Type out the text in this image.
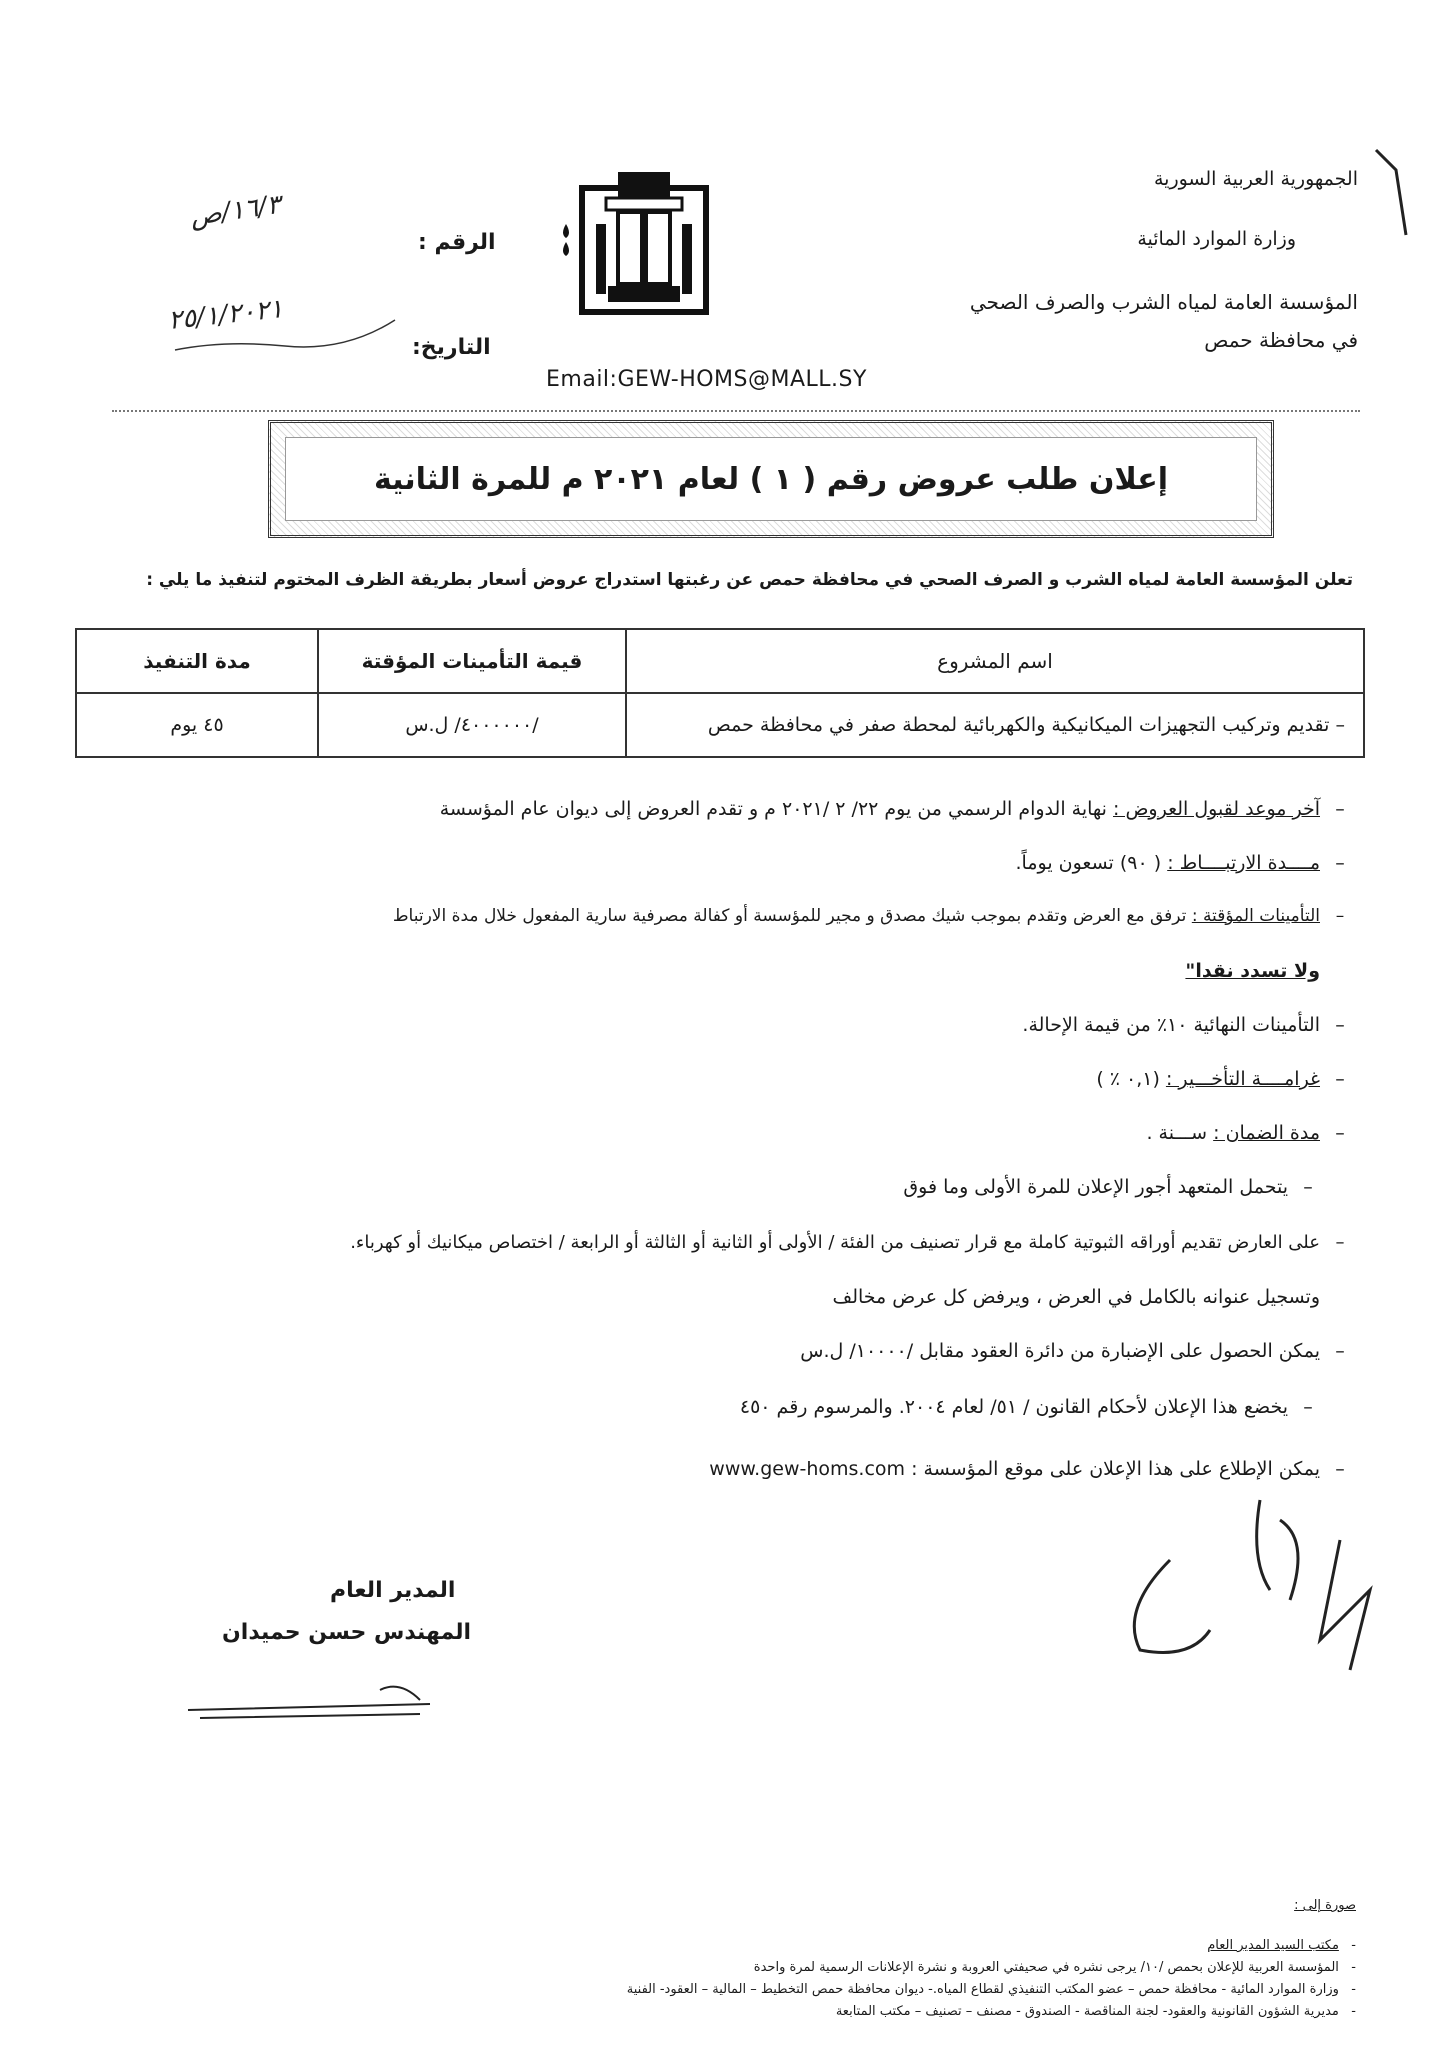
الجمهورية العربية السورية
وزارة الموارد المائية
المؤسسة العامة لمياه الشرب والصرف الصحي
في محافظة حمص
الرقم :
١٦/٣/ص
التاريخ:
٢٥/١/٢٠٢١
Email:GEW-HOMS@MALL.SY
إعلان طلب عروض رقم ( ١ ) لعام ٢٠٢١ م للمرة الثانية
تعلن المؤسسة العامة لمياه الشرب و الصرف الصحي في محافظة حمص عن رغبتها استدراج عروض أسعار بطريقة الظرف المختوم لتنفيذ ما يلي :
اسم المشروع	قيمة التأمينات المؤقتة	مدة التنفيذ
– تقديم وتركيب التجهيزات الميكانيكية والكهربائية لمحطة صفر في محافظة حمص	/٤٠٠٠٠٠٠/ ل.س	٤٥ يوم
–آخر موعد لقبول العروض : نهاية الدوام الرسمي من يوم ٢٢/ ٢ /٢٠٢١ م و تقدم العروض إلى ديوان عام المؤسسة
–مــــدة الارتبــــاط : ( ٩٠) تسعون يوماً.
–التأمينات المؤقتة : ترفق مع العرض وتقدم بموجب شيك مصدق و مجير للمؤسسة أو كفالة مصرفية سارية المفعول خلال مدة الارتباط
ولا تسدد نقدا"
–التأمينات النهائية ١٠٪ من قيمة الإحالة.
–غرامــــة التأخـــير : (٠,١ ٪ )
–مدة الضمان : ســـنة .
–يتحمل المتعهد أجور الإعلان للمرة الأولى وما فوق
–على العارض تقديم أوراقه الثبوتية كاملة مع قرار تصنيف من الفئة / الأولى أو الثانية أو الثالثة أو الرابعة / اختصاص ميكانيك أو كهرباء.
وتسجيل عنوانه بالكامل في العرض ، ويرفض كل عرض مخالف
–يمكن الحصول على الإضبارة من دائرة العقود مقابل /١٠٠٠٠/ ل.س
–يخضع هذا الإعلان لأحكام القانون / ٥١/ لعام ٢٠٠٤. والمرسوم رقم ٤٥٠
–يمكن الإطلاع على هذا الإعلان على موقع المؤسسة : www.gew-homs.com
المدير العام
المهندس حسن حميدان
صورة إلى :
-   مكتب السيد المدير العام
-   المؤسسة العربية للإعلان بحمص /١٠/ يرجى نشره في صحيفتي العروبة و نشرة الإعلانات الرسمية لمرة واحدة
-   وزارة الموارد المائية - محافظة حمص – عضو المكتب التنفيذي لقطاع المياه.- ديوان محافظة حمص التخطيط – المالية – العقود- الفنية
-   مديرية الشؤون القانونية والعقود- لجنة المناقصة - الصندوق - مصنف – تصنيف – مكتب المتابعة
